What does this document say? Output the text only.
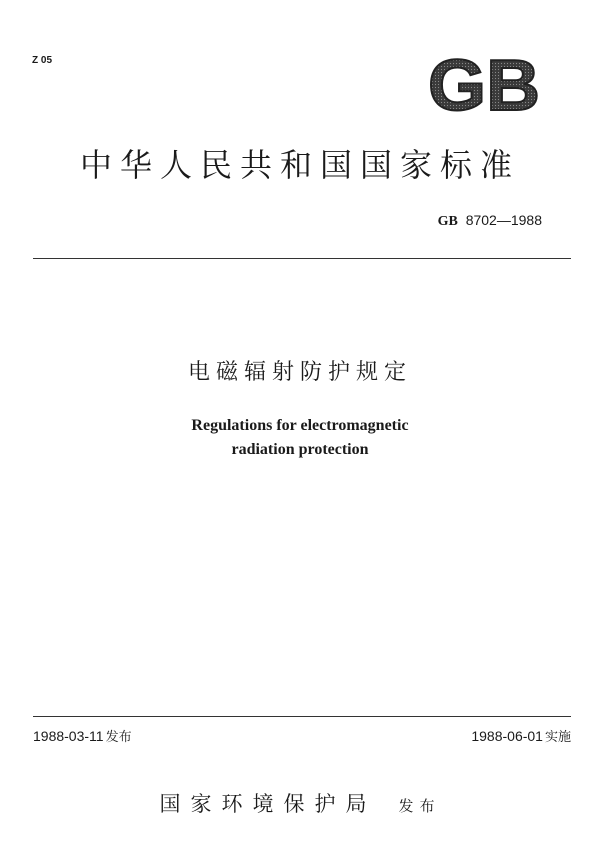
Z 05	GB
中华人民共和国国家标准
GB 8702—1988
电磁辐射防护规定
Regulations for electromagnetic
radiation protection
1988-03-11 发布	1988-06-01 实施
国家环境保护局 发布
